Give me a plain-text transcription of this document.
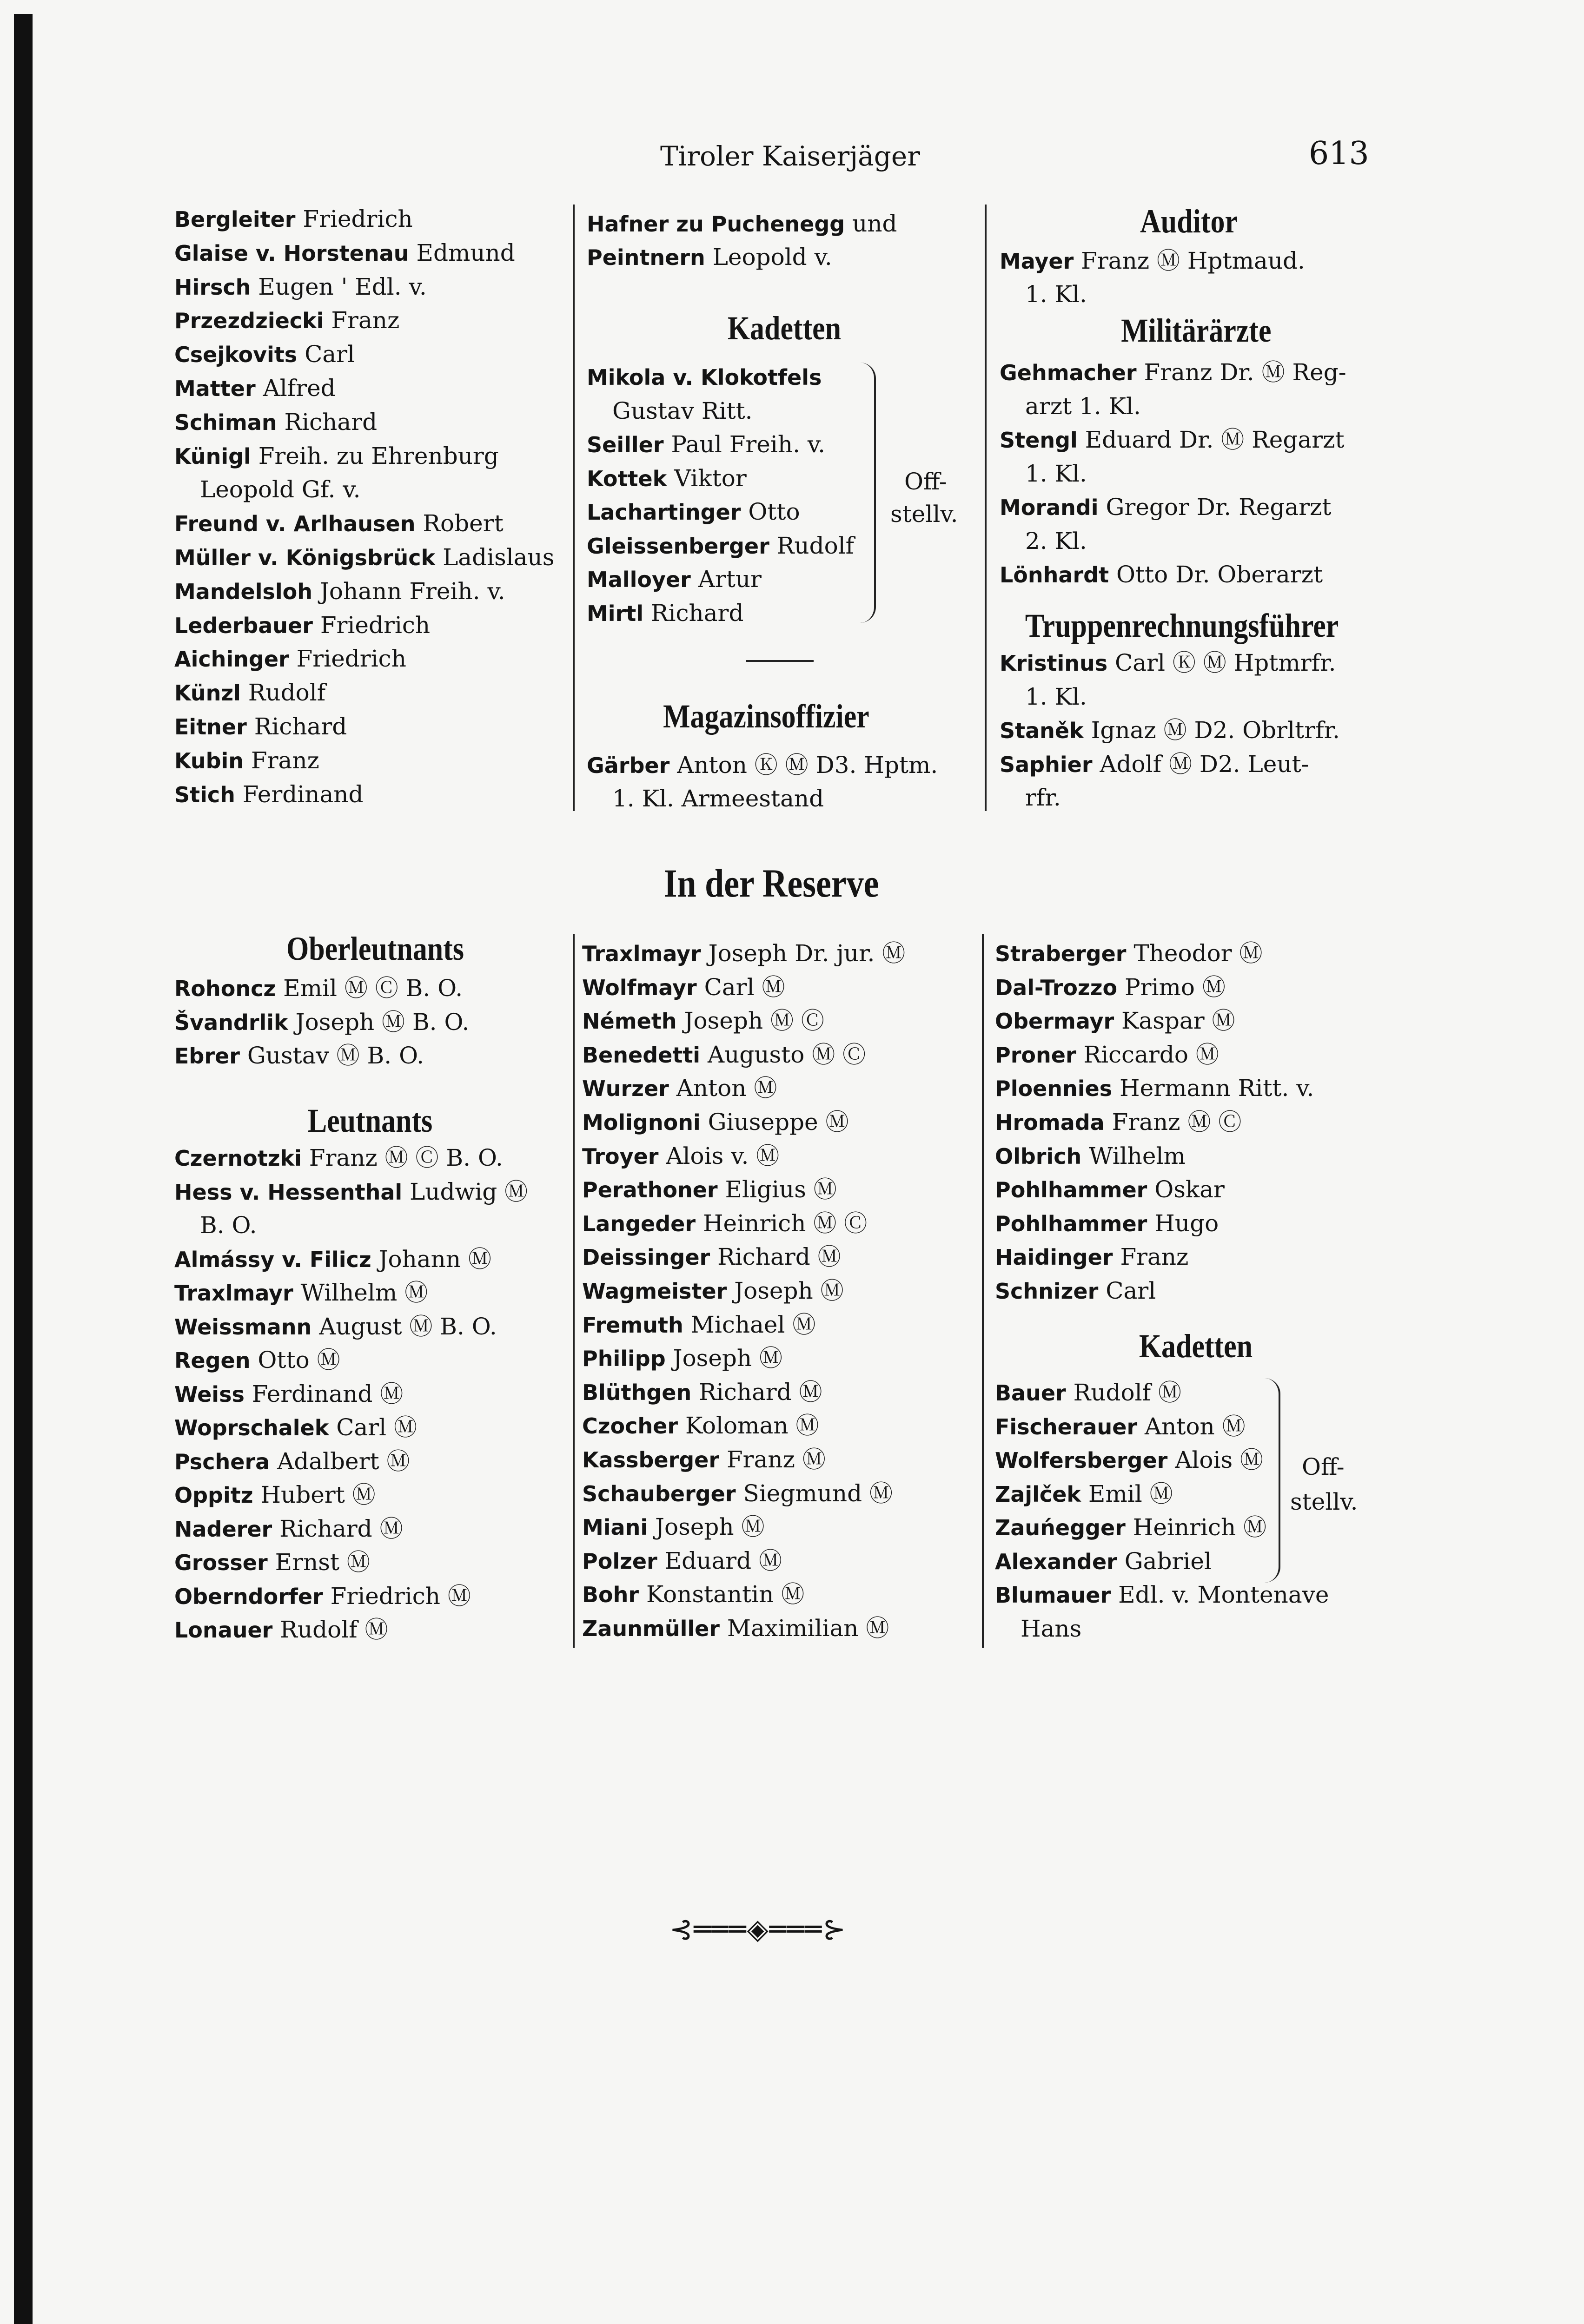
Tiroler Kaiserjäger	613
Bergleiter Friedrich
Glaise v. Horstenau Edmund
Hirsch Eugen ' Edl. v.
Przezdziecki Franz
Csejkovits Carl
Matter Alfred
Schiman Richard
Künigl Freih. zu Ehrenburg
Leopold Gf. v.
Freund v. Arlhausen Robert
Müller v. Königsbrück Ladislaus
Mandelsloh Johann Freih. v.
Lederbauer Friedrich
Aichinger Friedrich
Künzl Rudolf
Eitner Richard
Kubin Franz
Stich Ferdinand
Hafner zu Puchenegg und
Peintnern Leopold v.
Kadetten
Mikola v. Klokotfels
Gustav Ritt.
Seiller Paul Freih. v.
Kottek Viktor
Lachartinger Otto
Gleissenberger Rudolf
Malloyer Artur
Mirtl Richard
Off-
stellv.
Magazinsoffizier
Gärber Anton Ⓚ Ⓜ D3. Hptm.
1. Kl. Armeestand
Auditor
Mayer Franz Ⓜ Hptmaud.
1. Kl.
Militärärzte
Gehmacher Franz Dr. Ⓜ Reg-
arzt 1. Kl.
Stengl Eduard Dr. Ⓜ Regarzt
1. Kl.
Morandi Gregor Dr. Regarzt
2. Kl.
Lönhardt Otto Dr. Oberarzt
Truppenrechnungsführer
Kristinus Carl Ⓚ Ⓜ Hptmrfr.
1. Kl.
Staněk Ignaz Ⓜ D2. Obrltrfr.
Saphier Adolf Ⓜ D2. Leut-
rfr.
In der Reserve
Oberleutnants
Rohoncz Emil Ⓜ Ⓒ B. O.
Švandrlik Joseph Ⓜ B. O.
Ebrer Gustav Ⓜ B. O.
Leutnants
Czernotzki Franz Ⓜ Ⓒ B. O.
Hess v. Hessenthal Ludwig Ⓜ
B. O.
Almássy v. Filicz Johann Ⓜ
Traxlmayr Wilhelm Ⓜ
Weissmann August Ⓜ B. O.
Regen Otto Ⓜ
Weiss Ferdinand Ⓜ
Woprschalek Carl Ⓜ
Pschera Adalbert Ⓜ
Oppitz Hubert Ⓜ
Naderer Richard Ⓜ
Grosser Ernst Ⓜ
Oberndorfer Friedrich Ⓜ
Lonauer Rudolf Ⓜ
Traxlmayr Joseph Dr. jur. Ⓜ
Wolfmayr Carl Ⓜ
Németh Joseph Ⓜ Ⓒ
Benedetti Augusto Ⓜ Ⓒ
Wurzer Anton Ⓜ
Molignoni Giuseppe Ⓜ
Troyer Alois v. Ⓜ
Perathoner Eligius Ⓜ
Langeder Heinrich Ⓜ Ⓒ
Deissinger Richard Ⓜ
Wagmeister Joseph Ⓜ
Fremuth Michael Ⓜ
Philipp Joseph Ⓜ
Blüthgen Richard Ⓜ
Czocher Koloman Ⓜ
Kassberger Franz Ⓜ
Schauberger Siegmund Ⓜ
Miani Joseph Ⓜ
Polzer Eduard Ⓜ
Bohr Konstantin Ⓜ
Zaunmüller Maximilian Ⓜ
Straberger Theodor Ⓜ
Dal-Trozzo Primo Ⓜ
Obermayr Kaspar Ⓜ
Proner Riccardo Ⓜ
Ploennies Hermann Ritt. v.
Hromada Franz Ⓜ Ⓒ
Olbrich Wilhelm
Pohlhammer Oskar
Pohlhammer Hugo
Haidinger Franz
Schnizer Carl
Kadetten
Bauer Rudolf Ⓜ
Fischerauer Anton Ⓜ
Wolfersberger Alois Ⓜ
Zajlček Emil Ⓜ
Zauńegger Heinrich Ⓜ
Alexander Gabriel
Blumauer Edl. v. Montenave
Hans
Off-
stellv.
⊰═══◈═══⊱
